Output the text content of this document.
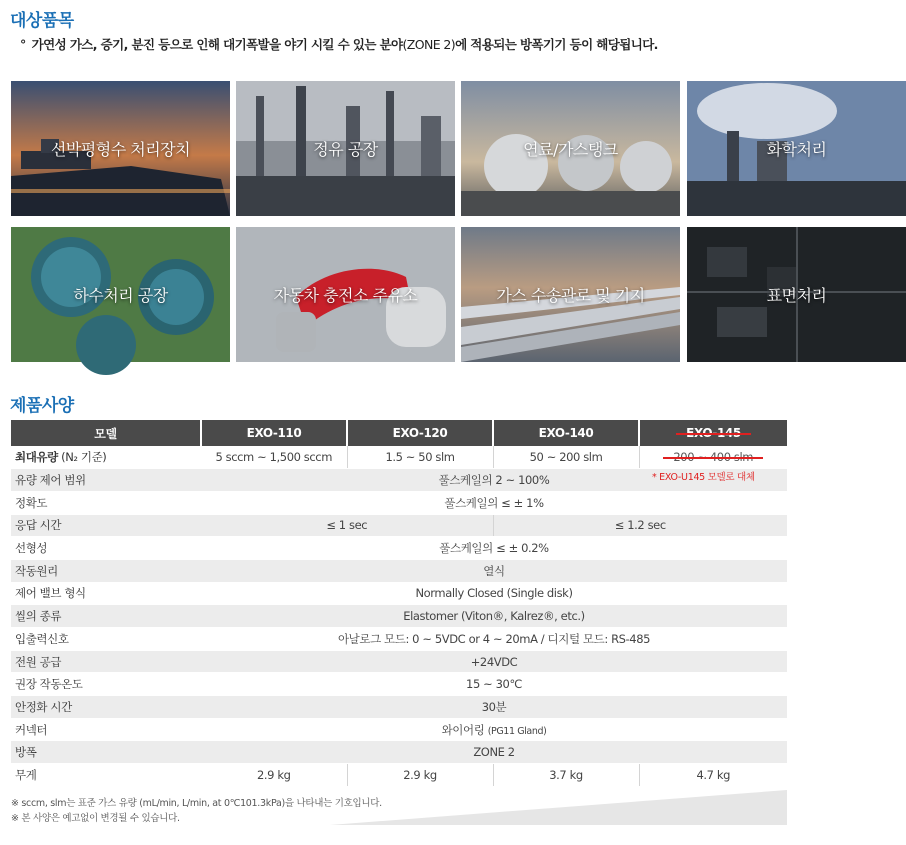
대상품목
° 가연성 가스, 증기, 분진 등으로 인해 대기폭발을 야기 시킬 수 있는 분야(ZONE 2)에 적용되는 방폭기기 등이 해당됩니다.
선박평형수 처리장치	정유 공장	연료/가스탱크	화학처리
하수처리 공장	자동차 충전소 주유소	가스 수송관로 및 기지	표면처리
제품사양
모델	EXO-110	EXO-120	EXO-140	EXO-145
최대유량 (N₂ 기준)	5 sccm ~ 1,500 sccm	1.5 ~ 50 slm	50 ~ 200 slm	200 ~ 400 slm
유량 제어 범위	풀스케일의 2 ~ 100%			
정확도	풀스케일의 ≤ ± 1%			
응답 시간	≤ 1 sec		≤ 1.2 sec	
선형성	풀스케일의 ≤ ± 0.2%			
작동원리	열식			
제어 밸브 형식	Normally Closed (Single disk)			
씰의 종류	Elastomer (Viton®, Kalrez®, etc.)			
입출력신호	아날로그 모드: 0 ~ 5VDC or 4 ~ 20mA / 디지털 모드: RS-485			
전원 공급	+24VDC			
권장 작동온도	15 ~ 30℃			
안정화 시간	30분			
커넥터	와이어링 (PG11 Gland)			
방폭	ZONE 2			
무게	2.9 kg	2.9 kg	3.7 kg	4.7 kg
* EXO-U145 모델로 대체
※ sccm, slm는 표준 가스 유량 (mL/min, L/min, at 0℃101.3kPa)을 나타내는 기호입니다.
※ 본 사양은 예고없이 변경될 수 있습니다.
